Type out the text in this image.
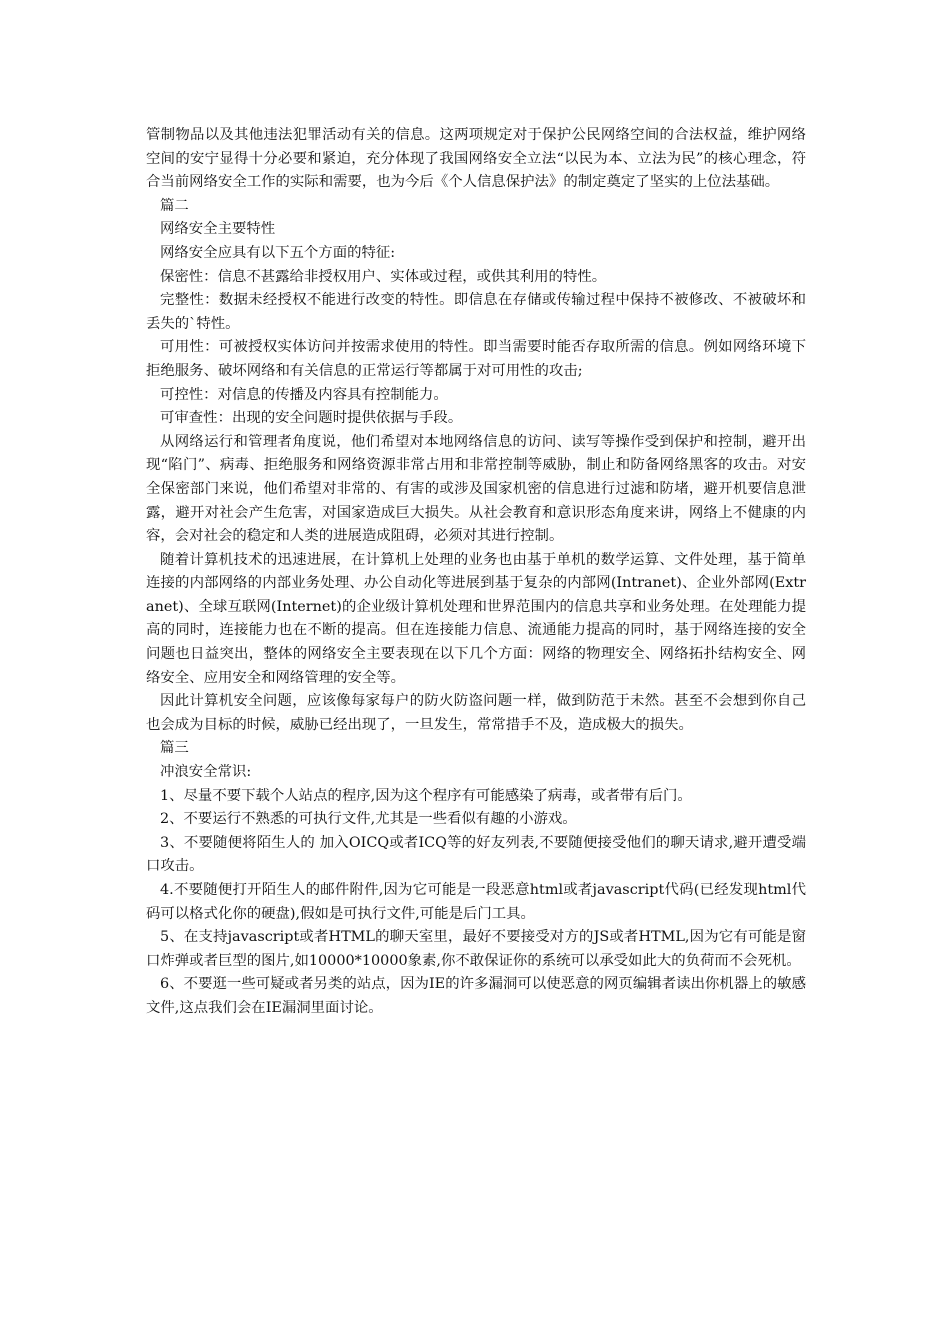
管制物品以及其他违法犯罪活动有关的信息。这两项规定对于保护公民网络空间的合法权益，维护网络空间的安宁显得十分必要和紧迫，充分体现了我国网络安全立法“以民为本、立法为民”的核心理念，符合当前网络安全工作的实际和需要，也为今后《个人信息保护法》的制定奠定了坚实的上位法基础。

篇二

网络安全主要特性

网络安全应具有以下五个方面的特征:

保密性：信息不甚露给非授权用户、实体或过程，或供其利用的特性。

完整性：数据未经授权不能进行改变的特性。即信息在存储或传输过程中保持不被修改、不被破坏和丢失的`特性。

可用性：可被授权实体访问并按需求使用的特性。即当需要时能否存取所需的信息。例如网络环境下拒绝服务、破坏网络和有关信息的正常运行等都属于对可用性的攻击;

可控性：对信息的传播及内容具有控制能力。

可审查性：出现的安全问题时提供依据与手段。

从网络运行和管理者角度说，他们希望对本地网络信息的访问、读写等操作受到保护和控制，避开出现“陷门”、病毒、拒绝服务和网络资源非常占用和非常控制等威胁，制止和防备网络黑客的攻击。对安全保密部门来说，他们希望对非常的、有害的或涉及国家机密的信息进行过滤和防堵，避开机要信息泄露，避开对社会产生危害，对国家造成巨大损失。从社会教育和意识形态角度来讲，网络上不健康的内容，会对社会的稳定和人类的进展造成阻碍，必须对其进行控制。

随着计算机技术的迅速进展，在计算机上处理的业务也由基于单机的数学运算、文件处理，基于简单连接的内部网络的内部业务处理、办公自动化等进展到基于复杂的内部网(Intranet)、企业外部网(Extranet)、全球互联网(Internet)的企业级计算机处理和世界范围内的信息共享和业务处理。在处理能力提高的同时，连接能力也在不断的提高。但在连接能力信息、流通能力提高的同时，基于网络连接的安全问题也日益突出，整体的网络安全主要表现在以下几个方面：网络的物理安全、网络拓扑结构安全、网络安全、应用安全和网络管理的安全等。

因此计算机安全问题，应该像每家每户的防火防盗问题一样，做到防范于未然。甚至不会想到你自己也会成为目标的时候，威胁已经出现了，一旦发生，常常措手不及，造成极大的损失。

篇三

冲浪安全常识:

1、尽量不要下载个人站点的程序,因为这个程序有可能感染了病毒，或者带有后门。

2、不要运行不熟悉的可执行文件,尤其是一些看似有趣的小游戏。

3、不要随便将陌生人的 加入OICQ或者ICQ等的好友列表,不要随便接受他们的聊天请求,避开遭受端口攻击。

4.不要随便打开陌生人的邮件附件,因为它可能是一段恶意html或者javascript代码(已经发现html代码可以格式化你的硬盘),假如是可执行文件,可能是后门工具。

5、在支持javascript或者HTML的聊天室里，最好不要接受对方的JS或者HTML,因为它有可能是窗口炸弹或者巨型的图片,如10000*10000象素,你不敢保证你的系统可以承受如此大的负荷而不会死机。

6、不要逛一些可疑或者另类的站点，因为IE的许多漏洞可以使恶意的网页编辑者读出你机器上的敏感文件,这点我们会在IE漏洞里面讨论。
